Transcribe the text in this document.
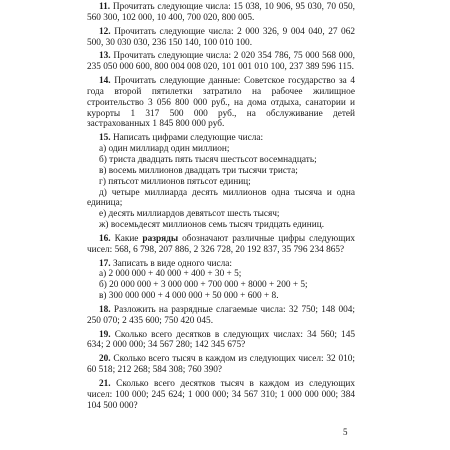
11. Прочитать следующие числа: 15 038, 10 906, 95 030, 70 050, 560 300, 102 000, 10 400, 700 020, 800 005.

12. Прочитать следующие числа: 2 000 326, 9 004 040, 27 062 500, 30 030 030, 236 150 140, 100 010 100.

13. Прочитать следующие числа: 2 020 354 786, 75 000 568 000, 235 050 000 600, 800 004 008 020, 101 001 010 100, 237 389 596 115.

14. Прочитать следующие данные: Советское государство за 4 года второй пятилетки затратило на рабочее жилищное строительство 3 056 800 000 руб., на дома отдыха, санатории и курорты 1 317 500 000 руб., на обслуживание детей застрахованных 1 845 800 000 руб.

15. Написать цифрами следующие числа:

а) один миллиард один миллион;

б) триста двадцать пять тысяч шестьсот восемнадцать;

в) восемь миллионов двадцать три тысячи триста;

г) пятьсот миллионов пятьсот единиц;

д) четыре миллиарда десять миллионов одна тысяча и одна единица;

е) десять миллиардов девятьсот шесть тысяч;

ж) восемьдесят миллионов семь тысяч тридцать единиц.

16. Какие разряды обозначают различные цифры следующих чисел: 568, 6 798, 207 886, 2 326 728, 20 192 837, 35 796 234 865?

17. Записать в виде одного числа:

а) 2 000 000 + 40 000 + 400 + 30 + 5;

б) 20 000 000 + 3 000 000 + 700 000 + 8000 + 200 + 5;

в) 300 000 000 + 4 000 000 + 50 000 + 600 + 8.

18. Разложить на разрядные слагаемые числа: 32 750; 148 004; 250 070; 2 435 600; 750 420 045.

19. Сколько всего десятков в следующих числах: 34 560; 145 634; 2 000 000; 34 567 280; 142 345 675?

20. Сколько всего тысяч в каждом из следующих чисел: 32 010; 60 518; 212 268; 584 308; 760 390?

21. Сколько всего десятков тысяч в каждом из следующих чисел: 100 000; 245 624; 1 000 000; 34 567 310; 1 000 000 000; 384 104 500 000?

5
